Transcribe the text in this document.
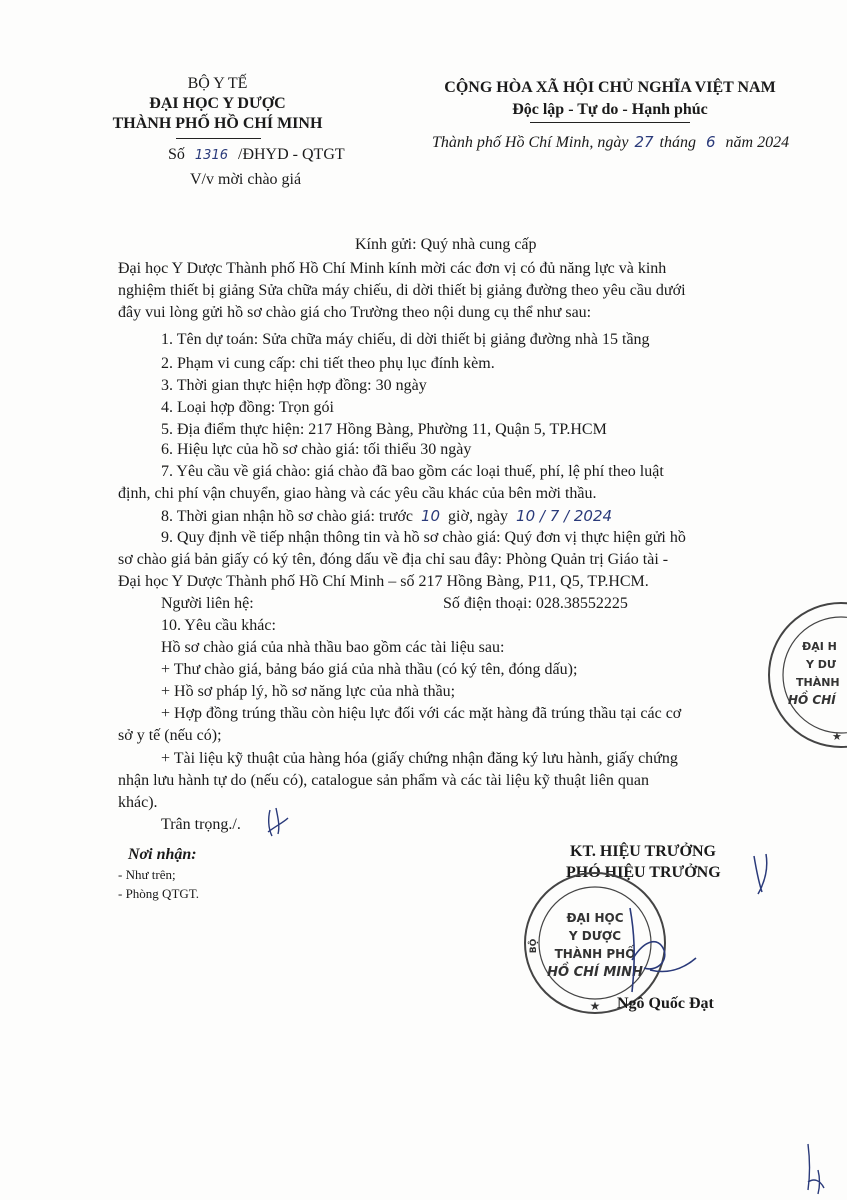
BỘ Y TẾ
ĐẠI HỌC Y DƯỢC
THÀNH PHỐ HỒ CHÍ MINH
Số 1316 /ĐHYD - QTGT
V/v mời chào giá
CỘNG HÒA XÃ HỘI CHỦ NGHĨA VIỆT NAM
Độc lập - Tự do - Hạnh phúc
Thành phố Hồ Chí Minh, ngày 27 tháng 6 năm 2024
Kính gửi: Quý nhà cung cấp
Đại học Y Dược Thành phố Hồ Chí Minh kính mời các đơn vị có đủ năng lực và kinh
nghiệm thiết bị giảng Sửa chữa máy chiếu, di dời thiết bị giảng đường theo yêu cầu dưới
đây vui lòng gửi hồ sơ chào giá cho Trường theo nội dung cụ thể như sau:
1. Tên dự toán: Sửa chữa máy chiếu, di dời thiết bị giảng đường nhà 15 tầng
2. Phạm vi cung cấp: chi tiết theo phụ lục đính kèm.
3. Thời gian thực hiện hợp đồng: 30 ngày
4. Loại hợp đồng: Trọn gói
5. Địa điểm thực hiện: 217 Hồng Bàng, Phường 11, Quận 5, TP.HCM
6. Hiệu lực của hồ sơ chào giá: tối thiểu 30 ngày
7. Yêu cầu về giá chào: giá chào đã bao gồm các loại thuế, phí, lệ phí theo luật
định, chi phí vận chuyển, giao hàng và các yêu cầu khác của bên mời thầu.
8. Thời gian nhận hồ sơ chào giá: trước 10 giờ, ngày 10 / 7 / 2024
9. Quy định về tiếp nhận thông tin và hồ sơ chào giá: Quý đơn vị thực hiện gửi hồ
sơ chào giá bản giấy có ký tên, đóng dấu về địa chỉ sau đây: Phòng Quản trị Giáo tài -
Đại học Y Dược Thành phố Hồ Chí Minh – số 217 Hồng Bàng, P11, Q5, TP.HCM.
Người liên hệ:	Số điện thoại: 028.38552225
10. Yêu cầu khác:
Hồ sơ chào giá của nhà thầu bao gồm các tài liệu sau:
+ Thư chào giá, bảng báo giá của nhà thầu (có ký tên, đóng dấu);
+ Hồ sơ pháp lý, hồ sơ năng lực của nhà thầu;
+ Hợp đồng trúng thầu còn hiệu lực đối với các mặt hàng đã trúng thầu tại các cơ
sở y tế (nếu có);
+ Tài liệu kỹ thuật của hàng hóa (giấy chứng nhận đăng ký lưu hành, giấy chứng
nhận lưu hành tự do (nếu có), catalogue sản phẩm và các tài liệu kỹ thuật liên quan
khác).
Trân trọng./.
Nơi nhận:
- Như trên;
- Phòng QTGT.
KT. HIỆU TRƯỞNG
PHÓ HIỆU TRƯỞNG
ĐẠI HỌC
Y DƯỢC
THÀNH PHỐ
HỒ CHÍ MINH
BỘ
★ Ngô Quốc Đạt
ĐẠI H
Y DƯ
THÀNH
HỒ CHÍ
★
